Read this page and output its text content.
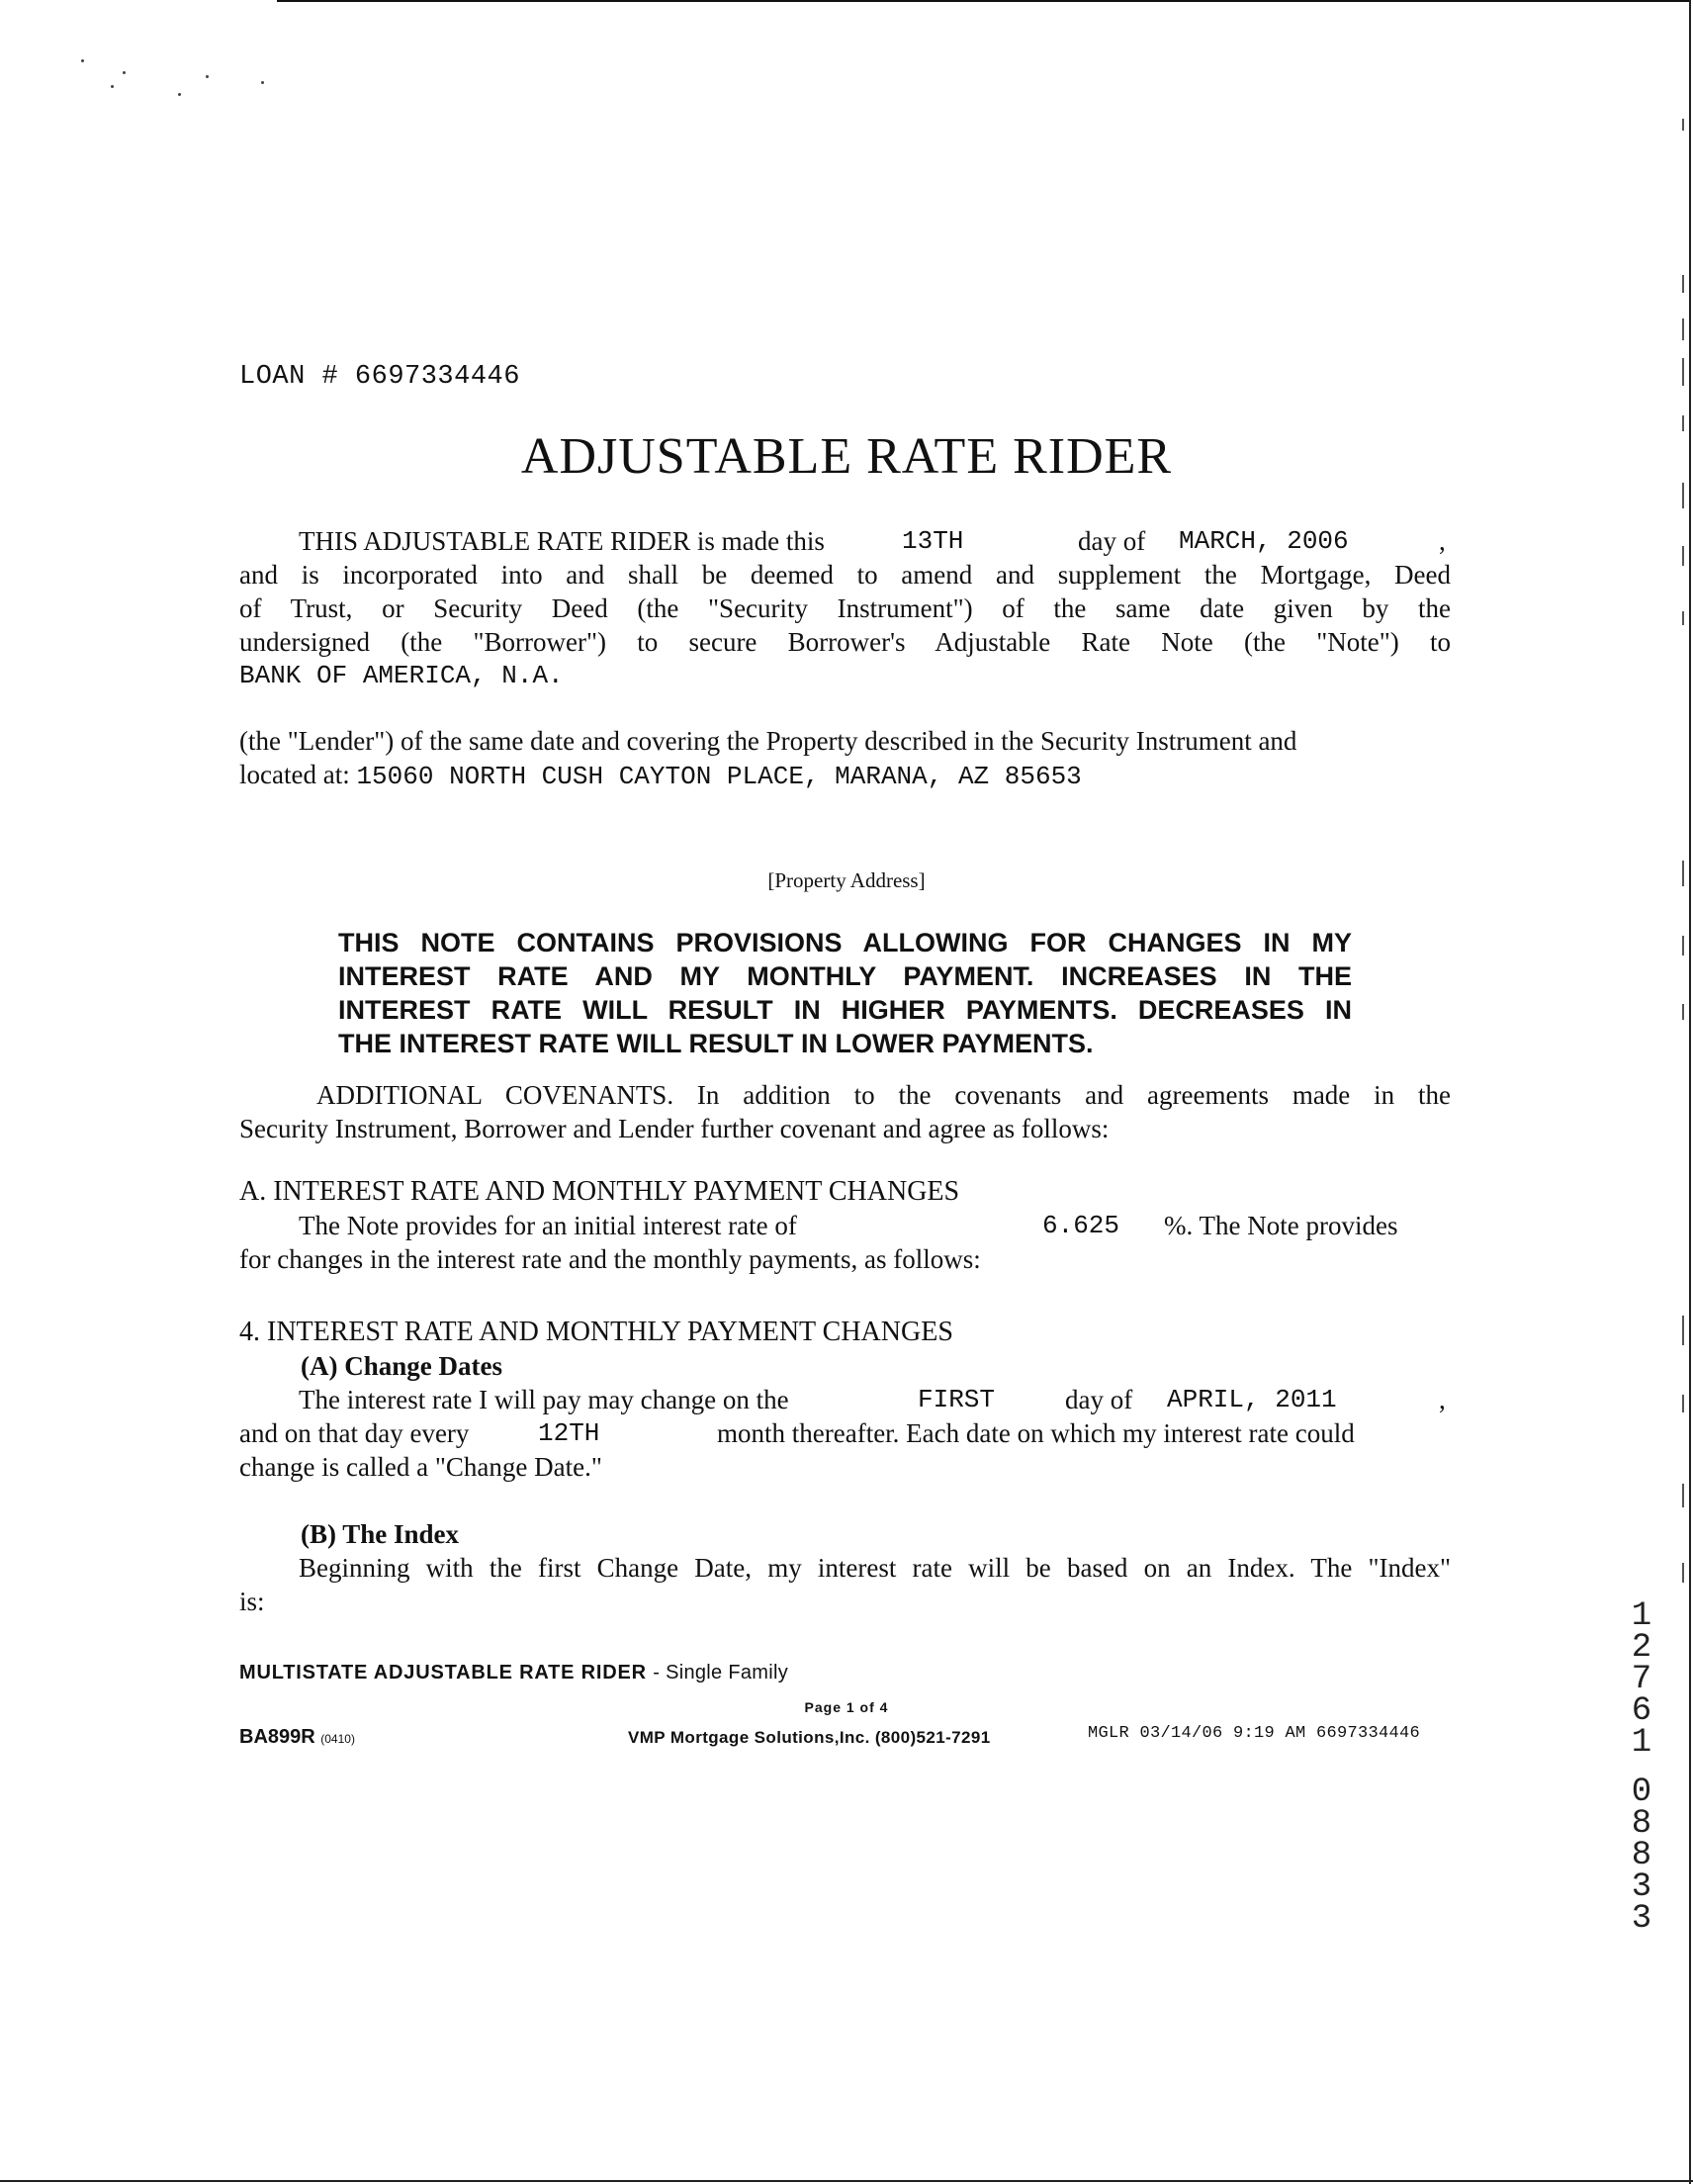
LOAN # 6697334446
ADJUSTABLE RATE RIDER
THIS ADJUSTABLE RATE RIDER is made this	13TH	day of MARCH, 2006	,
and is incorporated into and shall be deemed to amend and supplement the Mortgage, Deed
of Trust, or Security Deed (the "Security Instrument") of the same date given by the
undersigned (the "Borrower") to secure Borrower's Adjustable Rate Note (the "Note") to
BANK OF AMERICA, N.A.
(the "Lender") of the same date and covering the Property described in the Security Instrument and
located at: 15060 NORTH CUSH CAYTON PLACE, MARANA, AZ 85653
[Property Address]
THIS NOTE CONTAINS PROVISIONS ALLOWING FOR CHANGES IN MY
INTEREST RATE AND MY MONTHLY PAYMENT. INCREASES IN THE
INTEREST RATE WILL RESULT IN HIGHER PAYMENTS. DECREASES IN
THE INTEREST RATE WILL RESULT IN LOWER PAYMENTS.
ADDITIONAL COVENANTS. In addition to the covenants and agreements made in the
Security Instrument, Borrower and Lender further covenant and agree as follows:
A. INTEREST RATE AND MONTHLY PAYMENT CHANGES
The Note provides for an initial interest rate of	6.625 %. The Note provides
for changes in the interest rate and the monthly payments, as follows:
4. INTEREST RATE AND MONTHLY PAYMENT CHANGES
(A) Change Dates
The interest rate I will pay may change on the	FIRST	day of APRIL, 2011	,
and on that day every	12TH	month thereafter. Each date on which my interest rate could
change is called a "Change Date."
(B) The Index
Beginning with the first Change Date, my interest rate will be based on an Index. The "Index"
is:
MULTISTATE ADJUSTABLE RATE RIDER - Single Family
Page 1 of 4
BA899R (0410)	VMP Mortgage Solutions,Inc. (800)521-7291	MGLR 03/14/06 9:19 AM 6697334446
1
2
7
6
1
0
8
8
3
3
